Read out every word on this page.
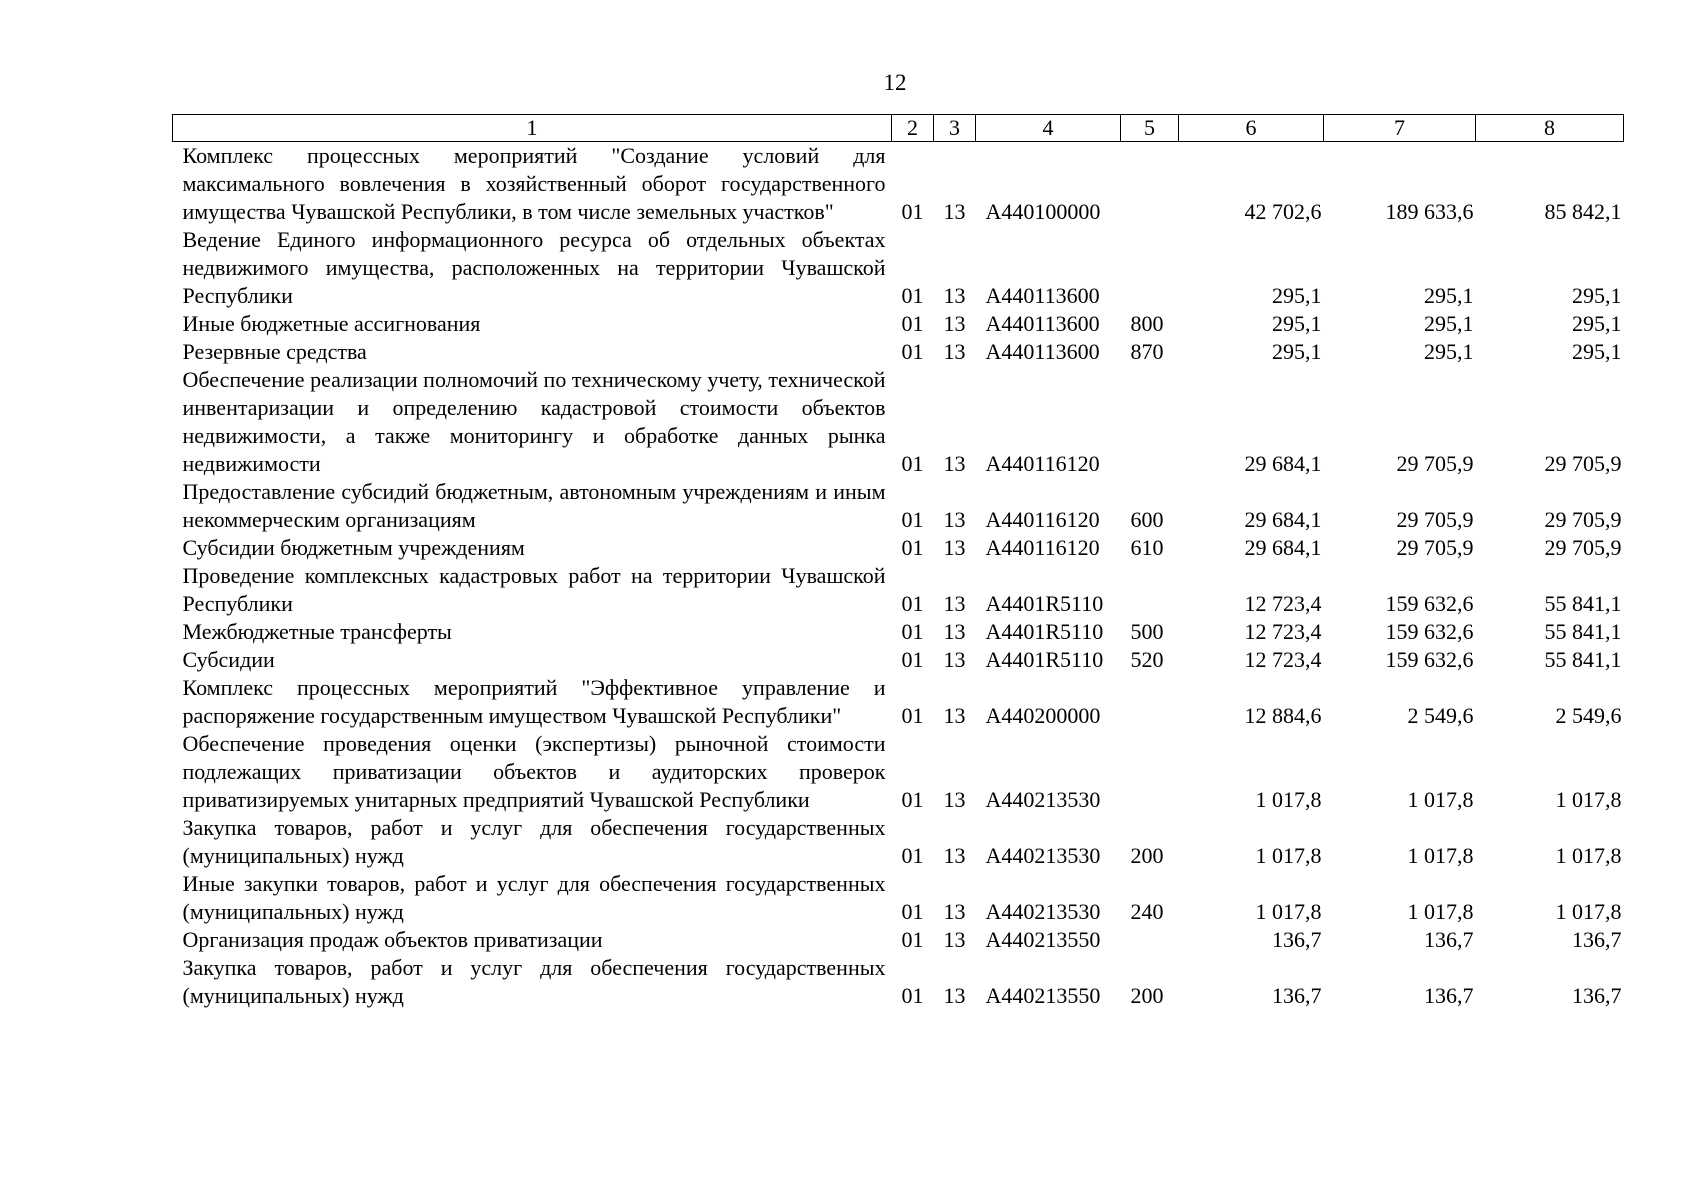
12
1	2	3	4	5	6	7	8
Комплекс процессных мероприятий "Создание условий для максимального вовлечения в хозяйственный оборот государственного имущества Чувашской Республики, в том числе земельных участков"	01	13	А440100000		42 702,6	189 633,6	85 842,1
Ведение Единого информационного ресурса об отдельных объектах недвижимого имущества, расположенных на территории Чувашской Республики	01	13	А440113600		295,1	295,1	295,1
Иные бюджетные ассигнования	01	13	А440113600	800	295,1	295,1	295,1
Резервные средства	01	13	А440113600	870	295,1	295,1	295,1
Обеспечение реализации полномочий по техническому учету, технической инвентаризации и определению кадастровой стоимости объектов недвижимости, а также мониторингу и обработке данных рынка недвижимости	01	13	А440116120		29 684,1	29 705,9	29 705,9
Предоставление субсидий бюджетным, автономным учреждениям и иным некоммерческим организациям	01	13	А440116120	600	29 684,1	29 705,9	29 705,9
Субсидии бюджетным учреждениям	01	13	А440116120	610	29 684,1	29 705,9	29 705,9
Проведение комплексных кадастровых работ на территории Чувашской Республики	01	13	А4401R5110		12 723,4	159 632,6	55 841,1
Межбюджетные трансферты	01	13	А4401R5110	500	12 723,4	159 632,6	55 841,1
Субсидии	01	13	А4401R5110	520	12 723,4	159 632,6	55 841,1
Комплекс процессных мероприятий "Эффективное управление и распоряжение государственным имуществом Чувашской Республики"	01	13	А440200000		12 884,6	2 549,6	2 549,6
Обеспечение проведения оценки (экспертизы) рыночной стоимости подлежащих приватизации объектов и аудиторских проверок приватизируемых унитарных предприятий Чувашской Республики	01	13	А440213530		1 017,8	1 017,8	1 017,8
Закупка товаров, работ и услуг для обеспечения государственных (муниципальных) нужд	01	13	А440213530	200	1 017,8	1 017,8	1 017,8
Иные закупки товаров, работ и услуг для обеспечения государственных (муниципальных) нужд	01	13	А440213530	240	1 017,8	1 017,8	1 017,8
Организация продаж объектов приватизации	01	13	А440213550		136,7	136,7	136,7
Закупка товаров, работ и услуг для обеспечения государственных (муниципальных) нужд	01	13	А440213550	200	136,7	136,7	136,7
